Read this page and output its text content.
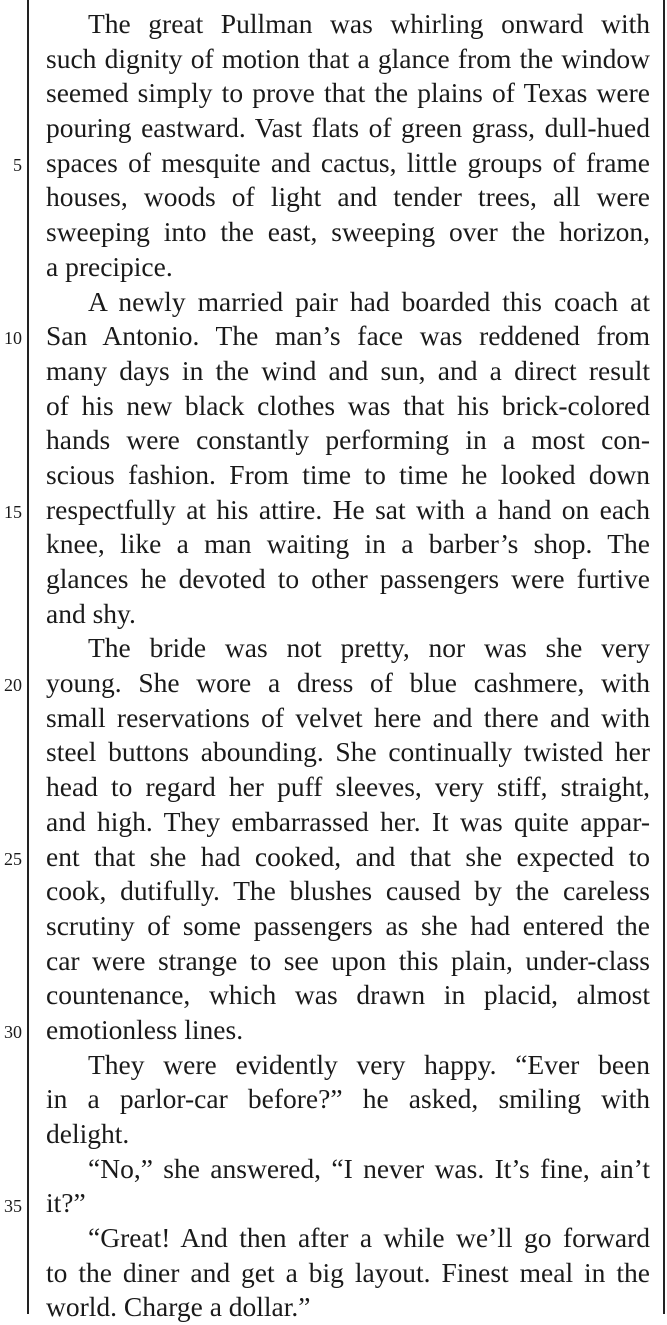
5
10
15
20
25
30
35
The great Pullman was whirling onward with
such dignity of motion that a glance from the window
seemed simply to prove that the plains of Texas were
pouring eastward. Vast flats of green grass, dull-hued
spaces of mesquite and cactus, little groups of frame
houses, woods of light and tender trees, all were
sweeping into the east, sweeping over the horizon,
a precipice.
A newly married pair had boarded this coach at
San Antonio. The man’s face was reddened from
many days in the wind and sun, and a direct result
of his new black clothes was that his brick-colored
hands were constantly performing in a most con-
scious fashion. From time to time he looked down
respectfully at his attire. He sat with a hand on each
knee, like a man waiting in a barber’s shop. The
glances he devoted to other passengers were furtive
and shy.
The bride was not pretty, nor was she very
young. She wore a dress of blue cashmere, with
small reservations of velvet here and there and with
steel buttons abounding. She continually twisted her
head to regard her puff sleeves, very stiff, straight,
and high. They embarrassed her. It was quite appar-
ent that she had cooked, and that she expected to
cook, dutifully. The blushes caused by the careless
scrutiny of some passengers as she had entered the
car were strange to see upon this plain, under-class
countenance, which was drawn in placid, almost
emotionless lines.
They were evidently very happy. “Ever been
in a parlor-car before?” he asked, smiling with
delight.
“No,” she answered, “I never was. It’s fine, ain’t
it?”
“Great! And then after a while we’ll go forward
to the diner and get a big layout. Finest meal in the
world. Charge a dollar.”
